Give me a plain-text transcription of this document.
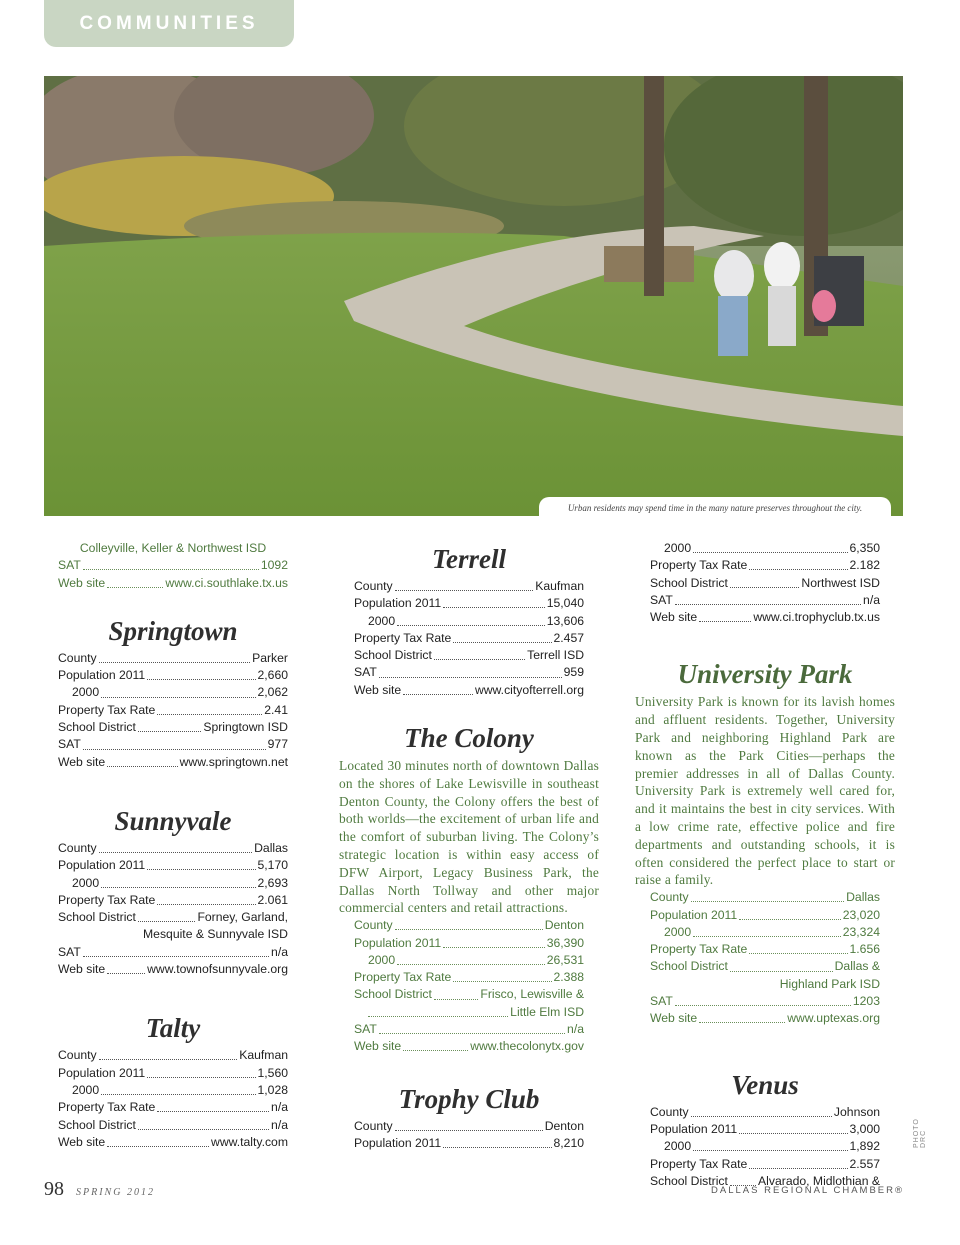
COMMUNITIES
Urban residents may spend time in the many nature preserves throughout the city.
Colleyville, Keller & Northwest ISD
SAT	1092
Web site	www.ci.southlake.tx.us
Springtown
County	Parker
Population 2011	2,660
2000	2,062
Property Tax Rate	2.41
School District	Springtown ISD
SAT	977
Web site	www.springtown.net
Sunnyvale
County	Dallas
Population 2011	5,170
2000	2,693
Property Tax Rate	2.061
School District	Forney, Garland,
Mesquite & Sunnyvale ISD
SAT	n/a
Web site	www.townofsunnyvale.org
Talty
County	Kaufman
Population 2011	1,560
2000	1,028
Property Tax Rate	n/a
School District	n/a
Web site	www.talty.com
Terrell
County	Kaufman
Population 2011	15,040
2000	13,606
Property Tax Rate	2.457
School District	Terrell ISD
SAT	959
Web site	www.cityofterrell.org
The Colony
Located 30 minutes north of downtown Dallas on the shores of Lake Lewisville in southeast Denton County, the Colony offers the best of both worlds—the excitement of urban life and the comfort of suburban living. The Colony’s strategic location is within easy access of DFW Airport, Legacy Business Park, the Dallas North Tollway and other major commercial centers and retail attractions.
County	Denton
Population 2011	36,390
2000	26,531
Property Tax Rate	2.388
School District	Frisco, Lewisville &
Little Elm ISD
SAT	n/a
Web site	www.thecolonytx.gov
Trophy Club
County	Denton
Population 2011	8,210
2000	6,350
Property Tax Rate	2.182
School District	Northwest ISD
SAT	n/a
Web site	www.ci.trophyclub.tx.us
University Park
University Park is known for its lavish homes and affluent residents. Together, University Park and neighboring Highland Park are known as the Park Cities—perhaps the premier addresses in all of Dallas County. University Park is extremely well cared for, and it maintains the best in city services. With a low crime rate, effective police and fire departments and outstanding schools, it is often considered the perfect place to start or raise a family.
County	Dallas
Population 2011	23,020
2000	23,324
Property Tax Rate	1.656
School District	Dallas &
Highland Park ISD
SAT	1203
Web site	www.uptexas.org
Venus
County	Johnson
Population 2011	3,000
2000	1,892
Property Tax Rate	2.557
School District Alvarado, Midlothian &
PHOTO DRC
98 SPRING 2012	DALLAS REGIONAL CHAMBER®
